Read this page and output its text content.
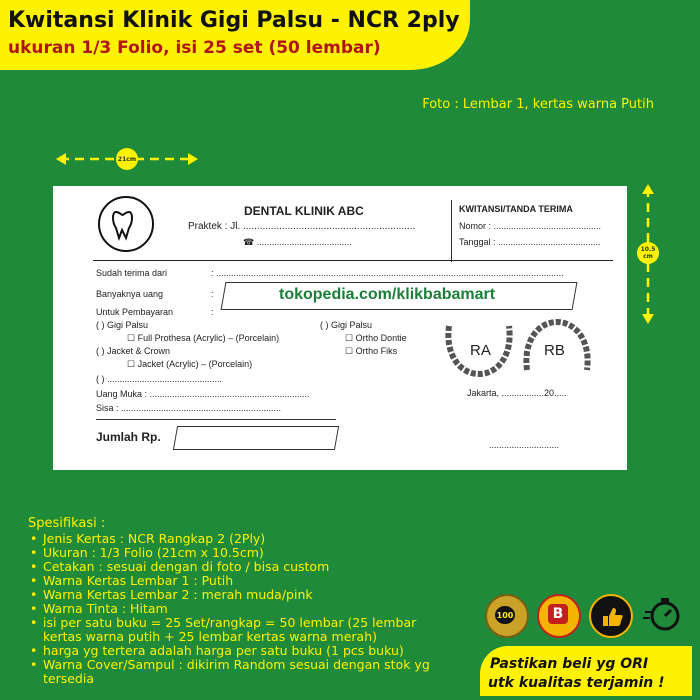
Kwitansi Klinik Gigi Palsu - NCR 2ply
ukuran 1/3 Folio, isi 25 set (50 lembar)
Foto : Lembar 1, kertas warna Putih
21cm
10.5 cm
DENTAL KLINIK ABC
Praktek : Jl. ..............................................................
☎ ......................................
KWITANSI/TANDA TERIMA
Nomor : ...........................................
Tanggal : .........................................
Sudah terima dari	: ...........................................................................................................................................
Banyaknya uang	:	tokopedia.com/klikbabamart
Untuk Pembayaran	:
( ) Gigi Palsu
☐ Full Prothesa (Acrylic) – (Porcelain)
( ) Jacket & Crown
☐ Jacket (Acrylic) – (Porcelain)
( ) ..............................................
( ) Gigi Palsu
☐ Ortho Dontie
☐ Ortho Fiks	RA	RB
Uang Muka : ................................................................
Sisa : ................................................................
Jakarta, .................20.....
Jumlah Rp.
............................
Spesifikasi :
• Jenis Kertas : NCR Rangkap 2 (2Ply)
• Ukuran : 1/3 Folio (21cm x 10.5cm)
• Cetakan : sesuai dengan di foto / bisa custom
• Warna Kertas Lembar 1 : Putih
• Warna Kertas Lembar 2 : merah muda/pink
• Warna Tinta : Hitam
• isi per satu buku = 25 Set/rangkap = 50 lembar (25 lembar kertas warna putih + 25 lembar kertas warna merah)
• harga yg tertera adalah harga per satu buku (1 pcs buku)
• Warna Cover/Sampul : dikirim Random sesuai dengan stok yg tersedia
100	B
Pastikan beli yg ORI
utk kualitas terjamin !
